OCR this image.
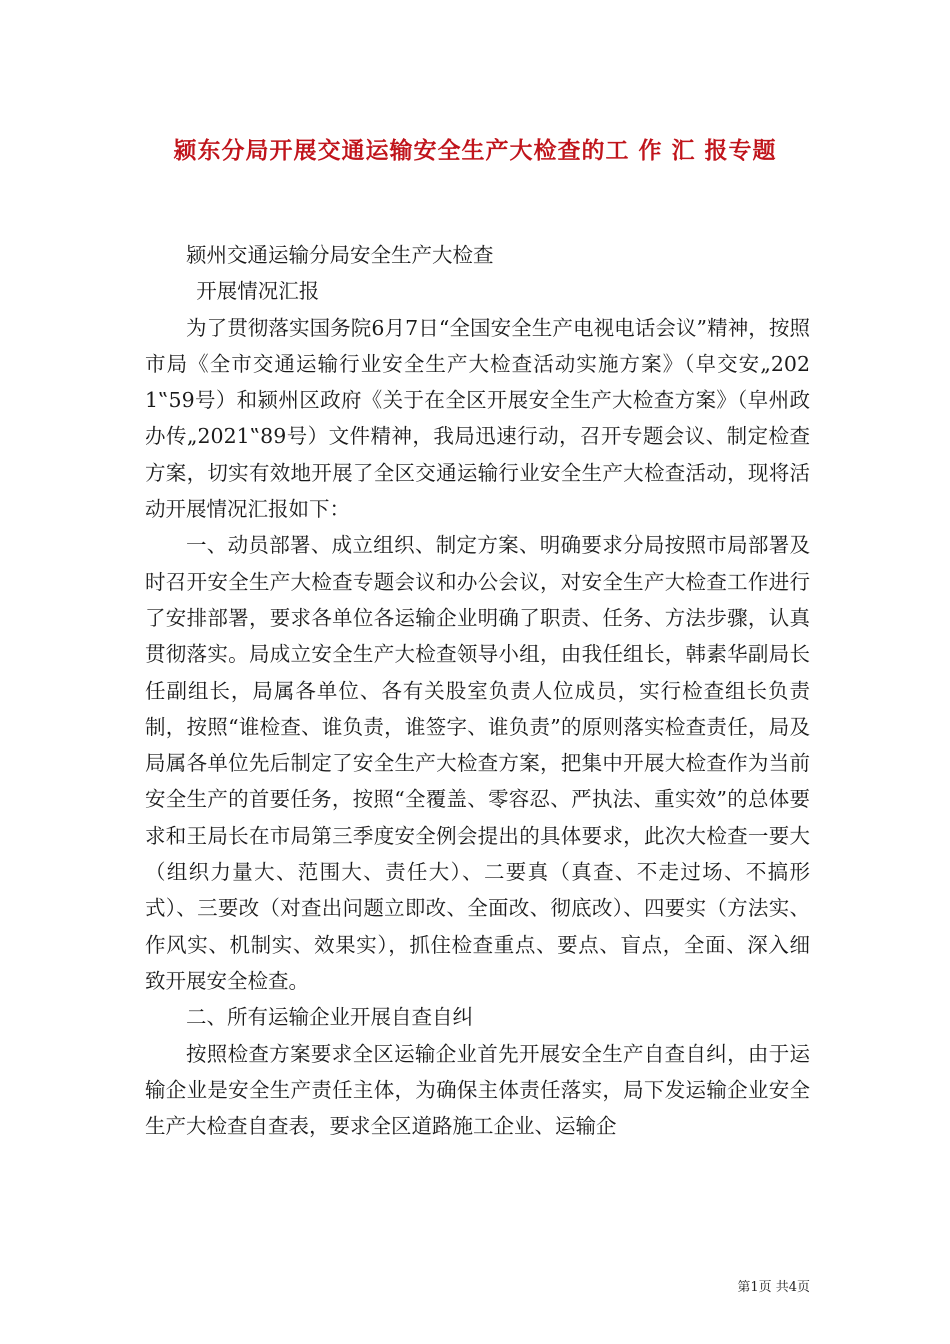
颍东分局开展交通运输安全生产大检查的工 作 汇 报专题

颍州交通运输分局安全生产大检查

开展情况汇报

为了贯彻落实国务院6月7日“全国安全生产电视电话会议”精神，按照市局《全市交通运输行业安全生产大检查活动实施方案》（皁交安„2021‟59号）和颍州区政府《关于在全区开展安全生产大检查方案》（皁州政办传„2021‟89号）文件精神，我局迅速行动，召开专题会议、制定检查方案，切实有效地开展了全区交通运输行业安全生产大检查活动，现将活动开展情况汇报如下：

一、动员部署、成立组织、制定方案、明确要求分局按照市局部署及时召开安全生产大检查专题会议和办公会议，对安全生产大检查工作进行了安排部署，要求各单位各运输企业明确了职责、任务、方法步骤，认真贯彻落实。局成立安全生产大检查领导小组，由我任组长，韩素华副局长任副组长，局属各单位、各有关股室负责人位成员，实行检查组长负责制，按照“谁检查、谁负责，谁签字、谁负责”的原则落实检查责任，局及局属各单位先后制定了安全生产大检查方案，把集中开展大检查作为当前安全生产的首要任务，按照“全覆盖、零容忍、严执法、重实效”的总体要求和王局长在市局第三季度安全例会提出的具体要求，此次大检查一要大（组织力量大、范围大、责任大）、二要真（真查、不走过场、不搞形式）、三要改（对查出问题立即改、全面改、彻底改）、四要实（方法实、作风实、机制实、效果实），抓住检查重点、要点、盲点，全面、深入细致开展安全检查。

二、所有运输企业开展自查自纠

按照检查方案要求全区运输企业首先开展安全生产自查自纠，由于运输企业是安全生产责任主体，为确保主体责任落实，局下发运输企业安全生产大检查自查表，要求全区道路施工企业、运输企

第1页 共4页
